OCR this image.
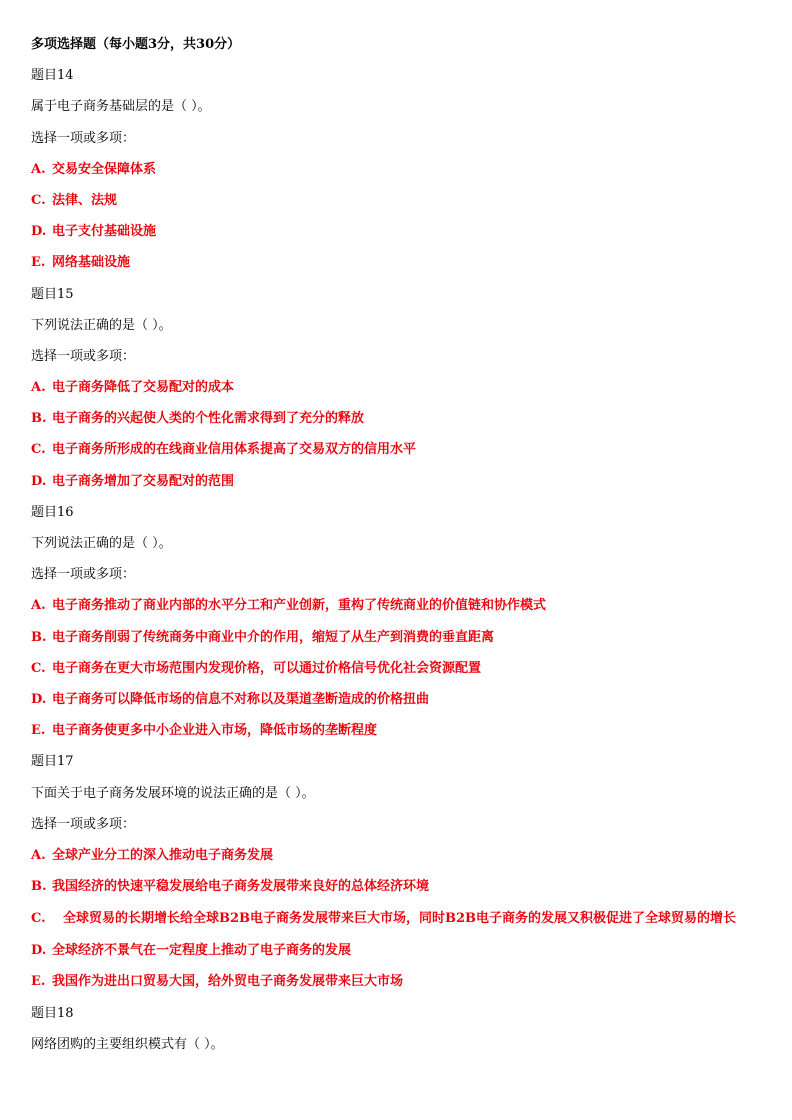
多项选择题（每小题3分，共30分）
题目14
属于电子商务基础层的是（ ）。
选择一项或多项：
A. 交易安全保障体系
C. 法律、法规
D. 电子支付基础设施
E. 网络基础设施
题目15
下列说法正确的是（ ）。
选择一项或多项：
A. 电子商务降低了交易配对的成本
B. 电子商务的兴起使人类的个性化需求得到了充分的释放
C. 电子商务所形成的在线商业信用体系提高了交易双方的信用水平
D. 电子商务增加了交易配对的范围
题目16
下列说法正确的是（ ）。
选择一项或多项：
A. 电子商务推动了商业内部的水平分工和产业创新，重构了传统商业的价值链和协作模式
B. 电子商务削弱了传统商务中商业中介的作用，缩短了从生产到消费的垂直距离
C. 电子商务在更大市场范围内发现价格，可以通过价格信号优化社会资源配置
D. 电子商务可以降低市场的信息不对称以及渠道垄断造成的价格扭曲
E. 电子商务使更多中小企业进入市场，降低市场的垄断程度
题目17
下面关于电子商务发展环境的说法正确的是（ ）。
选择一项或多项：
A. 全球产业分工的深入推动电子商务发展
B. 我国经济的快速平稳发展给电子商务发展带来良好的总体经济环境
C. 全球贸易的长期增长给全球B2B电子商务发展带来巨大市场，同时B2B电子商务的发展又积极促进了全球贸易的增长
D. 全球经济不景气在一定程度上推动了电子商务的发展
E. 我国作为进出口贸易大国，给外贸电子商务发展带来巨大市场
题目18
网络团购的主要组织模式有（ ）。
